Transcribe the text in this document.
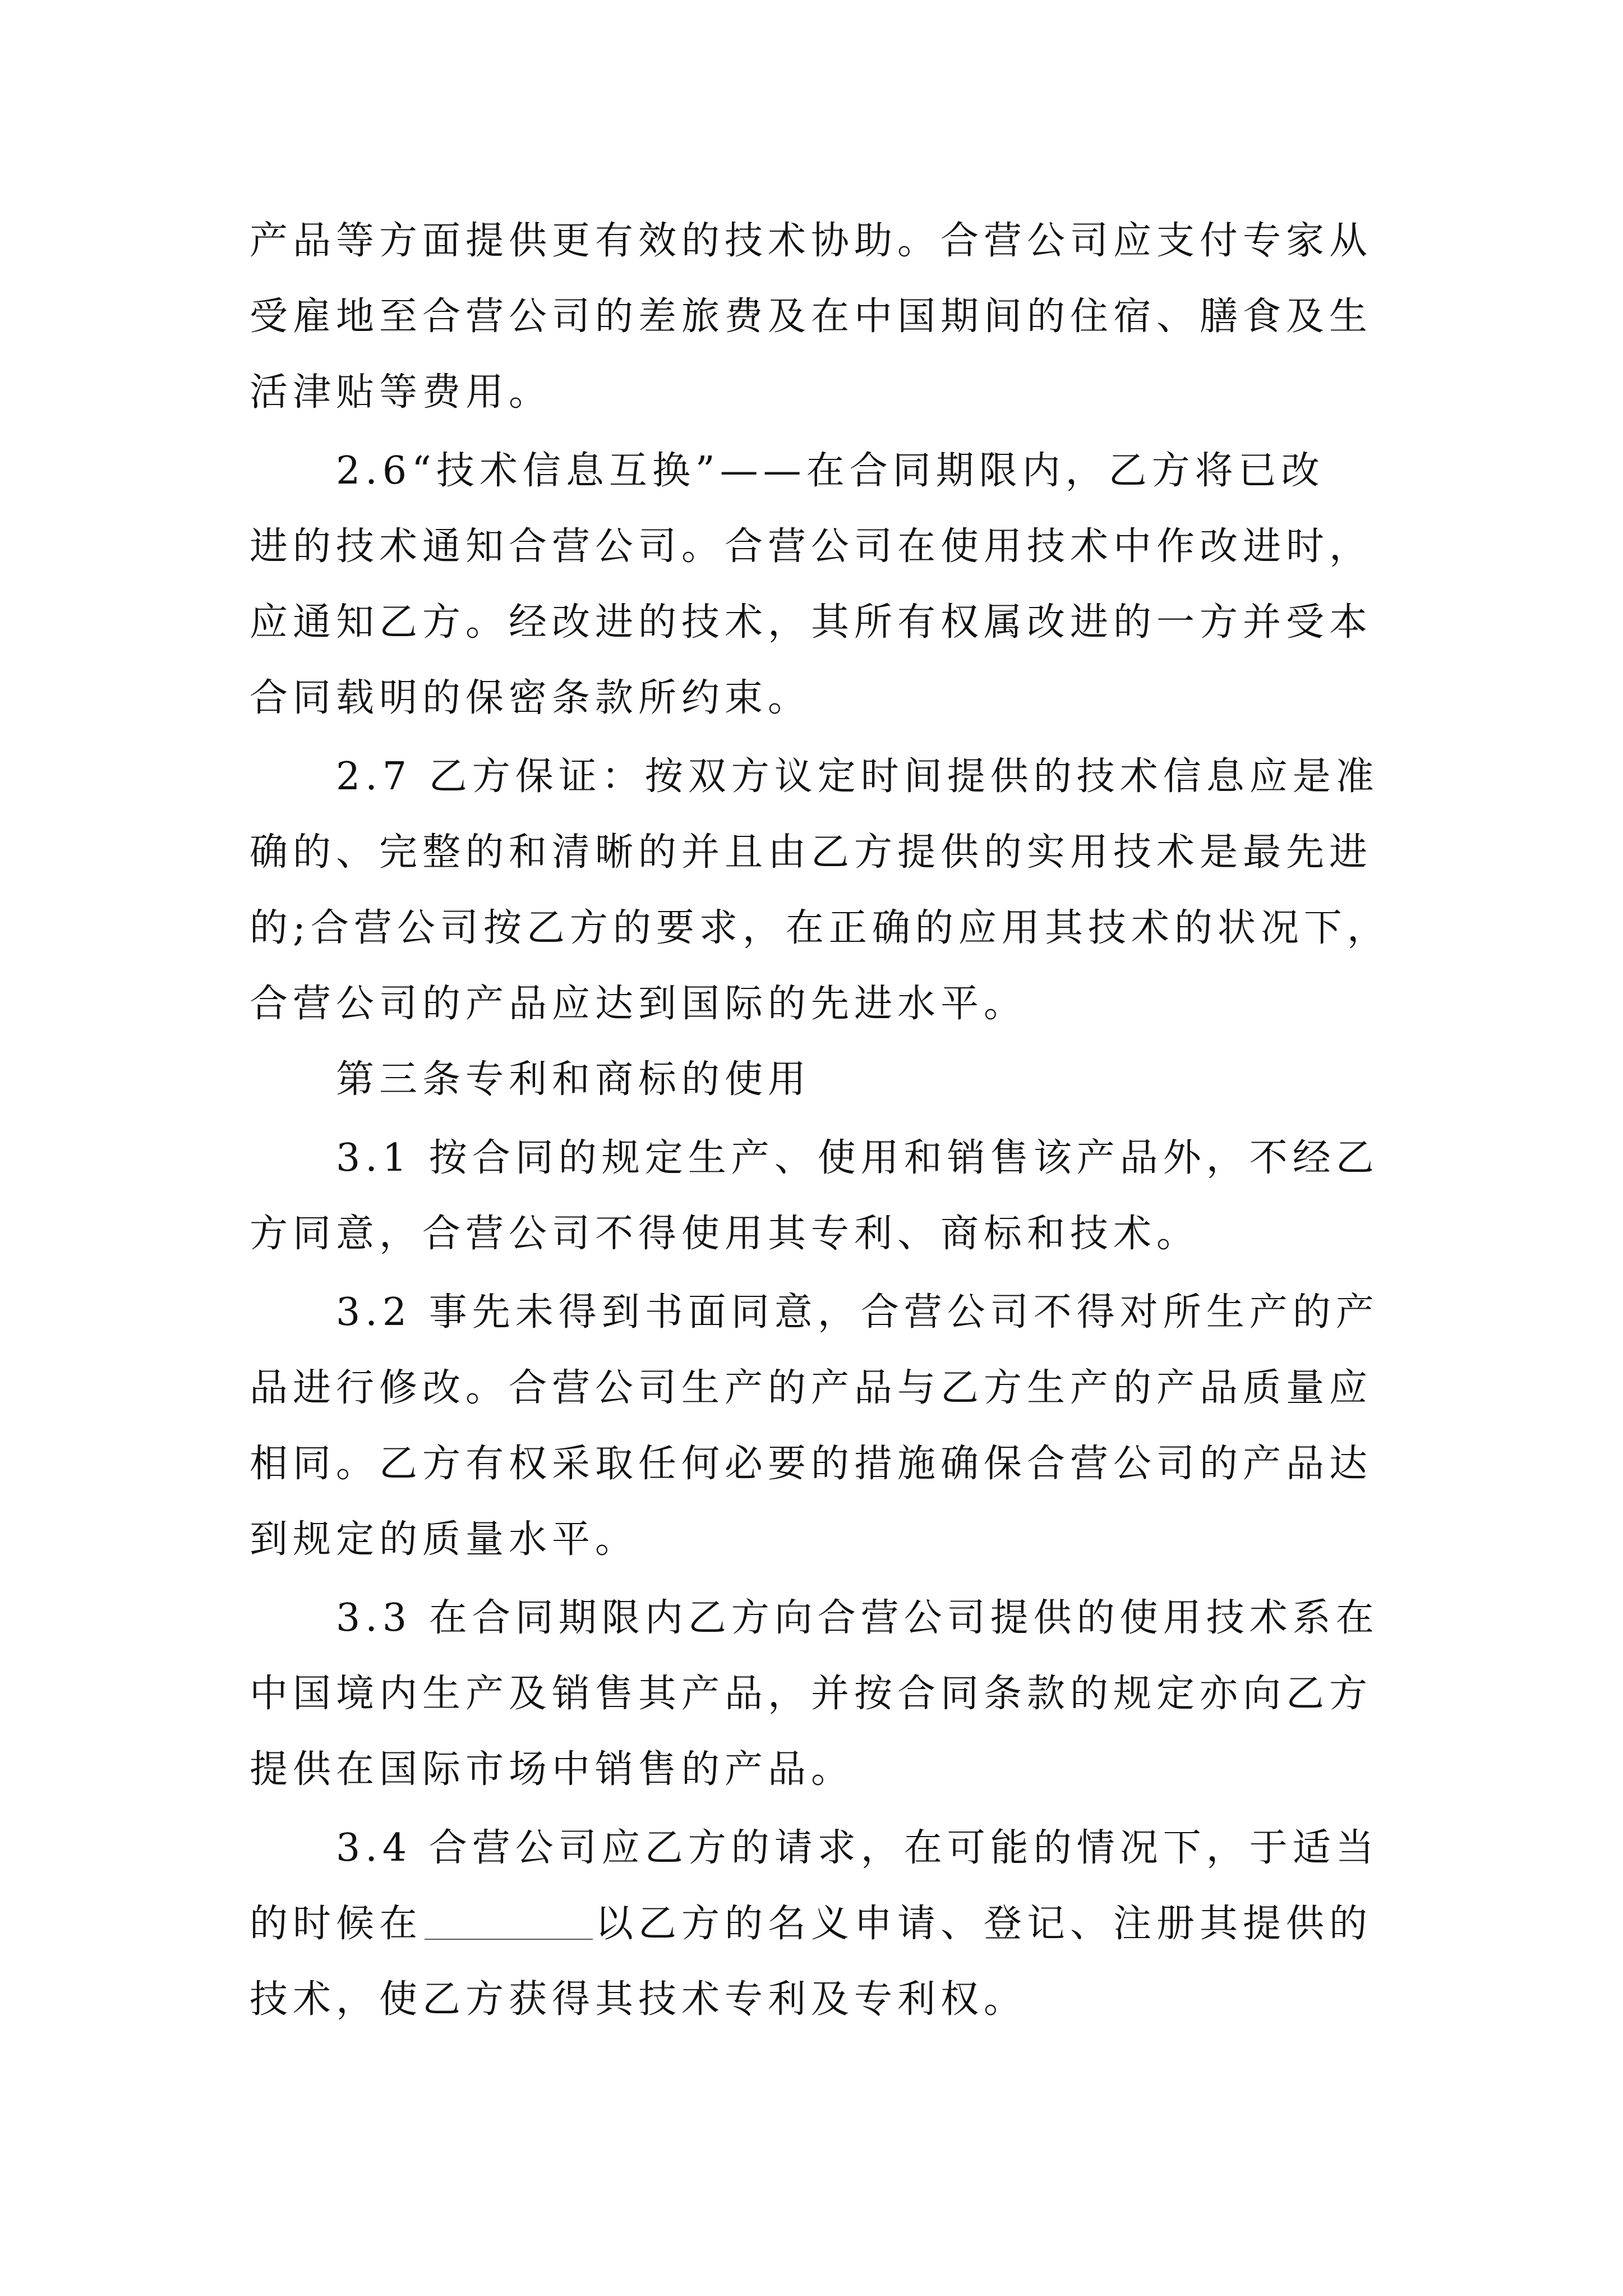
产品等方面提供更有效的技术协助。合营公司应支付专家从
受雇地至合营公司的差旅费及在中国期间的住宿、膳食及生
活津贴等费用。
　　2.6“技术信息互换”——在合同期限内，乙方将已改
进的技术通知合营公司。合营公司在使用技术中作改进时，
应通知乙方。经改进的技术，其所有权属改进的一方并受本
合同载明的保密条款所约束。
　　2.7 乙方保证：按双方议定时间提供的技术信息应是准
确的、完整的和清晰的并且由乙方提供的实用技术是最先进
的;合营公司按乙方的要求，在正确的应用其技术的状况下，
合营公司的产品应达到国际的先进水平。
　　第三条专利和商标的使用
　　3.1 按合同的规定生产、使用和销售该产品外，不经乙
方同意，合营公司不得使用其专利、商标和技术。
　　3.2 事先未得到书面同意，合营公司不得对所生产的产
品进行修改。合营公司生产的产品与乙方生产的产品质量应
相同。乙方有权采取任何必要的措施确保合营公司的产品达
到规定的质量水平。
　　3.3 在合同期限内乙方向合营公司提供的使用技术系在
中国境内生产及销售其产品，并按合同条款的规定亦向乙方
提供在国际市场中销售的产品。
　　3.4 合营公司应乙方的请求，在可能的情况下，于适当
的时候在	以乙方的名义申请、登记、注册其提供的
技术，使乙方获得其技术专利及专利权。
